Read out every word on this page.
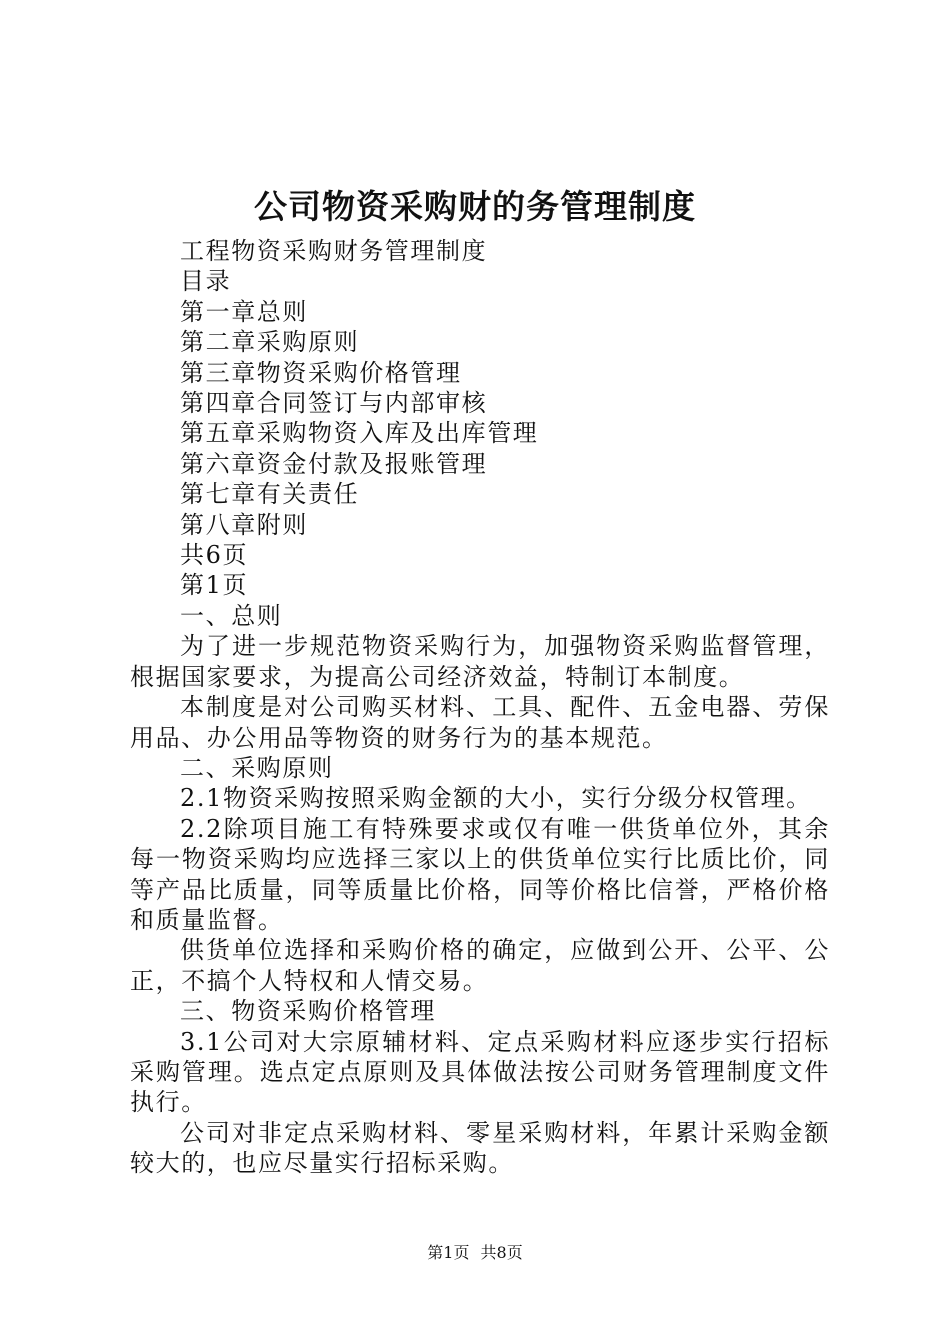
公司物资采购财的务管理制度

工程物资采购财务管理制度

目录

第一章总则

第二章采购原则

第三章物资采购价格管理

第四章合同签订与内部审核

第五章采购物资入库及出库管理

第六章资金付款及报账管理

第七章有关责任

第八章附则

共6页

第1页

一、总则

为了进一步规范物资采购行为，加强物资采购监督管理，根据国家要求，为提高公司经济效益，特制订本制度。

本制度是对公司购买材料、工具、配件、五金电器、劳保用品、办公用品等物资的财务行为的基本规范。

二、采购原则

2.1物资采购按照采购金额的大小，实行分级分权管理。

2.2除项目施工有特殊要求或仅有唯一供货单位外，其余每一物资采购均应选择三家以上的供货单位实行比质比价，同等产品比质量，同等质量比价格，同等价格比信誉，严格价格和质量监督。

供货单位选择和采购价格的确定，应做到公开、公平、公正，不搞个人特权和人情交易。

三、物资采购价格管理

3.1公司对大宗原辅材料、定点采购材料应逐步实行招标采购管理。选点定点原则及具体做法按公司财务管理制度文件执行。

公司对非定点采购材料、零星采购材料，年累计采购金额较大的，也应尽量实行招标采购。

第1页 共8页
